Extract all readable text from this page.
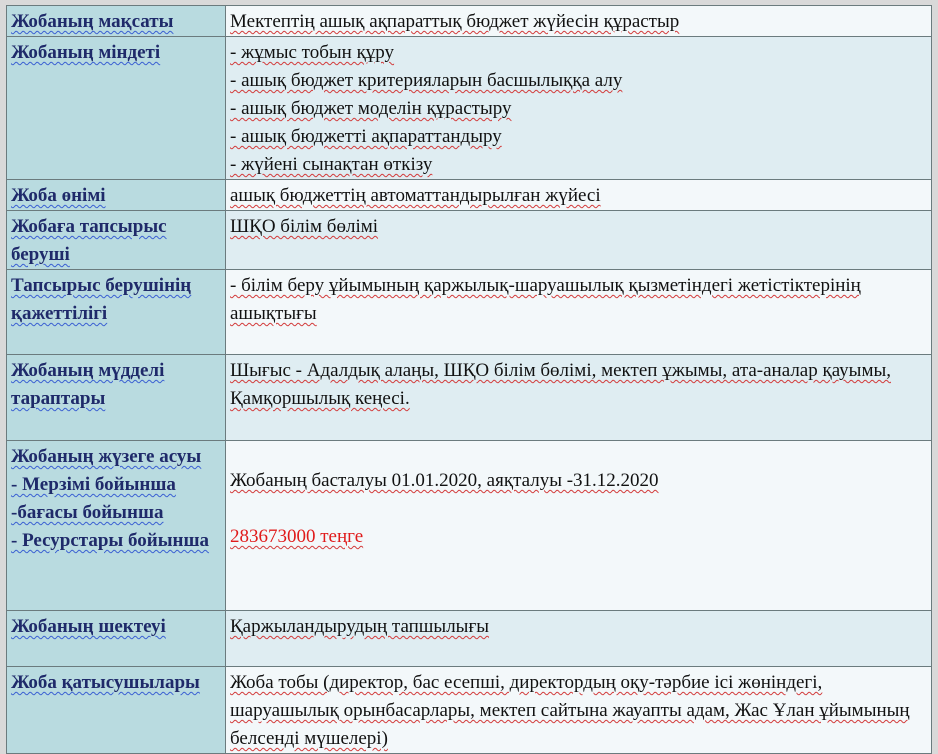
Жобаның мақсаты	Мектептің ашық ақпараттық бюджет жүйесін құрастыр
Жобаның міндеті	- жұмыс тобын құру
- ашық бюджет критерияларын басшылыққа алу
- ашық бюджет моделін құрастыру
- ашық бюджетті ақпараттандыру
- жүйені сынақтан өткізу

Жоба өнімі	ашық бюджеттің автоматтандырылған жүйесі
Жобаға тапсырыс беруші	ШҚО білім бөлімі
Тапсырыс берушінің қажеттілігі	- білім беру ұйымының қаржылық-шаруашылық қызметіндегі жетістіктерінің ашықтығы
Жобаның мүдделі тараптары	Шығыс - Адалдық алаңы, ШҚО білім бөлімі, мектеп ұжымы, ата-аналар қауымы, Қамқоршылық кеңесі.

Жобаның жүзеге асуы
- Мерзімі бойынша
-бағасы бойынша
- Ресурстары бойынша	Жобаның басталуы 01.01.2020, аяқталуы -31.12.2020
283673000 теңге

Жобаның шектеуі	Қаржыландырудың тапшылығы
Жоба қатысушылары	Жоба тобы (директор, бас есепші, директордың оқу-тәрбие ісі жөніндегі, шаруашылық орынбасарлары, мектеп сайтына жауапты адам, Жас Ұлан ұйымының белсенді мүшелері)
